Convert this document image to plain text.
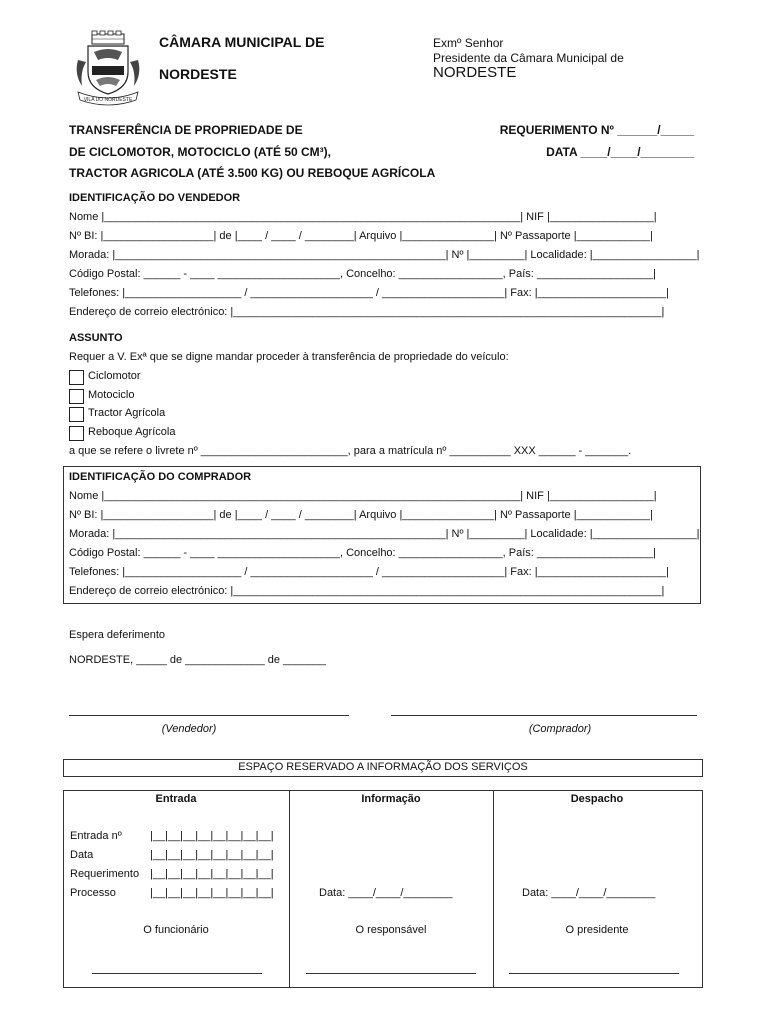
VILA DO NORDESTE
CÂMARA MUNICIPAL DE
NORDESTE
Exmº Senhor
Presidente da Câmara Municipal de
NORDESTE
TRANSFERÊNCIA DE PROPRIEDADE DE
DE CICLOMOTOR, MOTOCICLO (ATÉ 50 CM³),
TRACTOR AGRICOLA (ATÉ 3.500 KG) OU REBOQUE AGRÍCOLA
REQUERIMENTO Nº ______/_____
DATA ____/____/________
IDENTIFICAÇÃO DO VENDEDOR
Nome |____________________________________________________________________| NIF |_________________|
Nº BI: |__________________| de |____ / ____ / ________| Arquivo |_______________| Nº Passaporte |____________|
Morada: |______________________________________________________| Nº |_________| Localidade: |_________________|
Código Postal: ______ - ____ ____________________, Concelho: _________________, País: ___________________|
Telefones: |___________________ / ____________________ / ____________________| Fax: |_____________________|
Endereço de correio electrónico: |______________________________________________________________________|
ASSUNTO
Requer a V. Exª que se digne mandar proceder à transferência de propriedade do veículo:
Ciclomotor
Motociclo
Tractor Agrícola
Reboque Agrícola
a que se refere o livrete nº ________________________, para a matrícula nº __________ XXX ______ - _______.
IDENTIFICAÇÃO DO COMPRADOR
Nome |____________________________________________________________________| NIF |_________________|
Nº BI: |__________________| de |____ / ____ / ________| Arquivo |_______________| Nº Passaporte |____________|
Morada: |______________________________________________________| Nº |_________| Localidade: |_________________|
Código Postal: ______ - ____ ____________________, Concelho: _________________, País: ___________________|
Telefones: |___________________ / ____________________ / ____________________| Fax: |_____________________|
Endereço de correio electrónico: |______________________________________________________________________|
Espera deferimento
NORDESTE, _____ de _____________ de _______
(Vendedor)	(Comprador)
ESPAÇO RESERVADO A INFORMAÇÃO DOS SERVIÇOS
Entrada	Informação	Despacho
Entrada nº	|__|__|__|__|__|__|__|__|
Data	|__|__|__|__|__|__|__|__|
Requerimento |__|__|__|__|__|__|__|__|
Processo	|__|__|__|__|__|__|__|__|	Data: ____/____/________	Data: ____/____/________
O funcionário	O responsável	O presidente
